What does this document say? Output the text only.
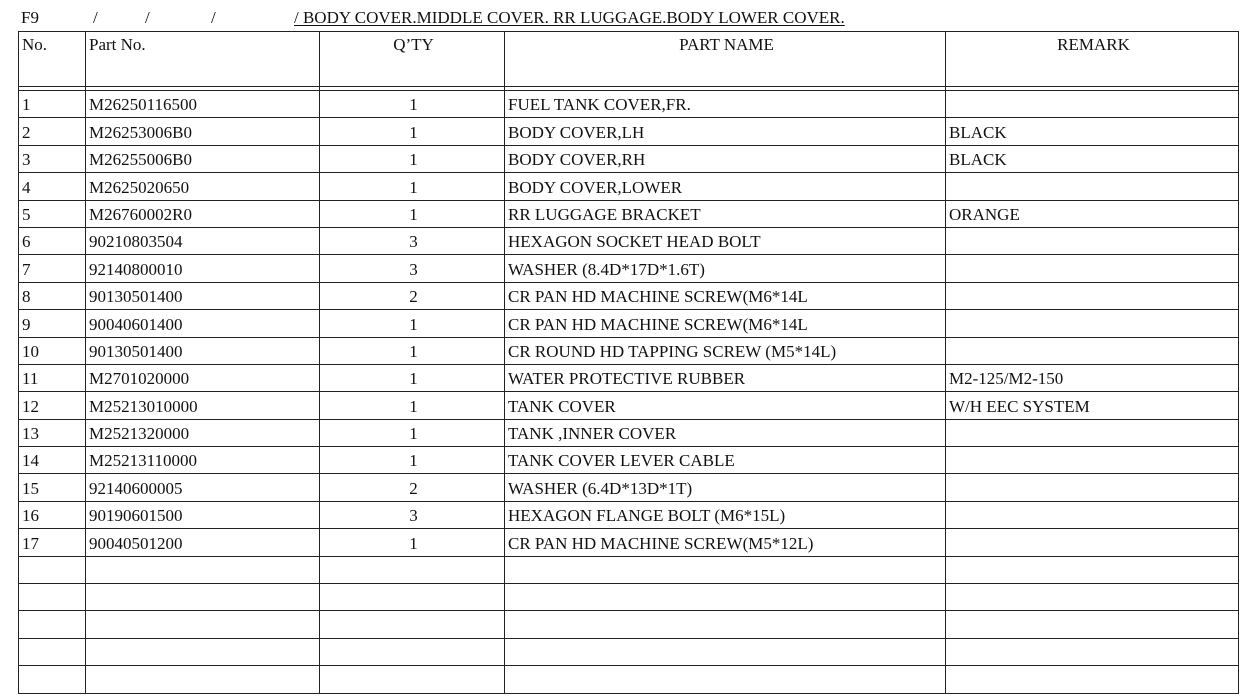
F9	/	/	/	/ BODY COVER.MIDDLE COVER. RR LUGGAGE.BODY LOWER COVER.
No.	Part No.	Q’TY	PART NAME	REMARK

1	M26250116500	1	FUEL TANK COVER,FR.	
2	M26253006B0	1	BODY COVER,LH	BLACK
3	M26255006B0	1	BODY COVER,RH	BLACK
4	M2625020650	1	BODY COVER,LOWER	
5	M26760002R0	1	RR LUGGAGE BRACKET	ORANGE
6	90210803504	3	HEXAGON SOCKET HEAD BOLT	
7	92140800010	3	WASHER (8.4D*17D*1.6T)	
8	90130501400	2	CR PAN HD MACHINE SCREW(M6*14L	
9	90040601400	1	CR PAN HD MACHINE SCREW(M6*14L	
10	90130501400	1	CR ROUND HD TAPPING SCREW (M5*14L)	
11	M2701020000	1	WATER PROTECTIVE RUBBER	M2-125/M2-150
12	M25213010000	1	TANK COVER	W/H EEC SYSTEM
13	M2521320000	1	TANK ,INNER COVER	
14	M25213110000	1	TANK COVER LEVER CABLE	
15	92140600005	2	WASHER (6.4D*13D*1T)	
16	90190601500	3	HEXAGON FLANGE BOLT (M6*15L)	
17	90040501200	1	CR PAN HD MACHINE SCREW(M5*12L)	
